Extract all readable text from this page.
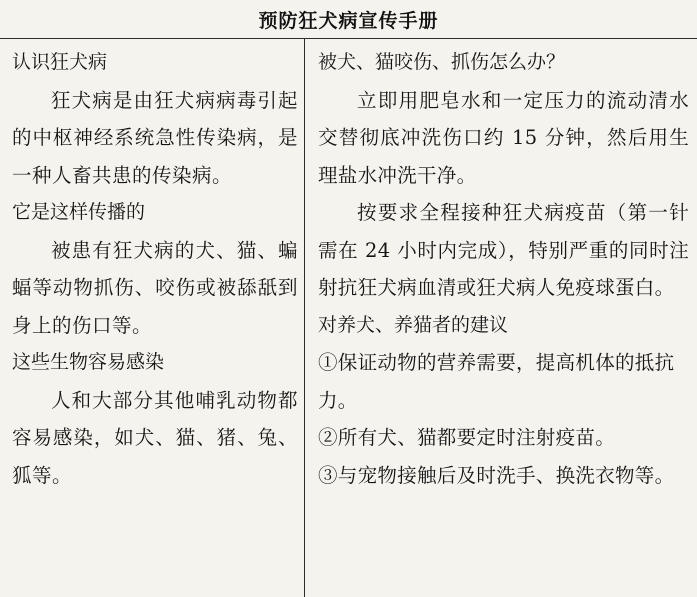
预防狂犬病宣传手册

认识狂犬病

狂犬病是由狂犬病病毒引起的中枢神经系统急性传染病，是一种人畜共患的传染病。

它是这样传播的

被患有狂犬病的犬、猫、蝙蝠等动物抓伤、咬伤或被舔舐到身上的伤口等。

这些生物容易感染

人和大部分其他哺乳动物都容易感染，如犬、猫、猪、兔、狐等。

被犬、猫咬伤、抓伤怎么办？

立即用肥皂水和一定压力的流动清水交替彻底冲洗伤口约 15 分钟，然后用生理盐水冲洗干净。

按要求全程接种狂犬病疫苗（第一针需在 24 小时内完成），特别严重的同时注射抗狂犬病血清或狂犬病人免疫球蛋白。

对养犬、养猫者的建议

①保证动物的营养需要，提高机体的抵抗力。

②所有犬、猫都要定时注射疫苗。

③与宠物接触后及时洗手、换洗衣物等。
